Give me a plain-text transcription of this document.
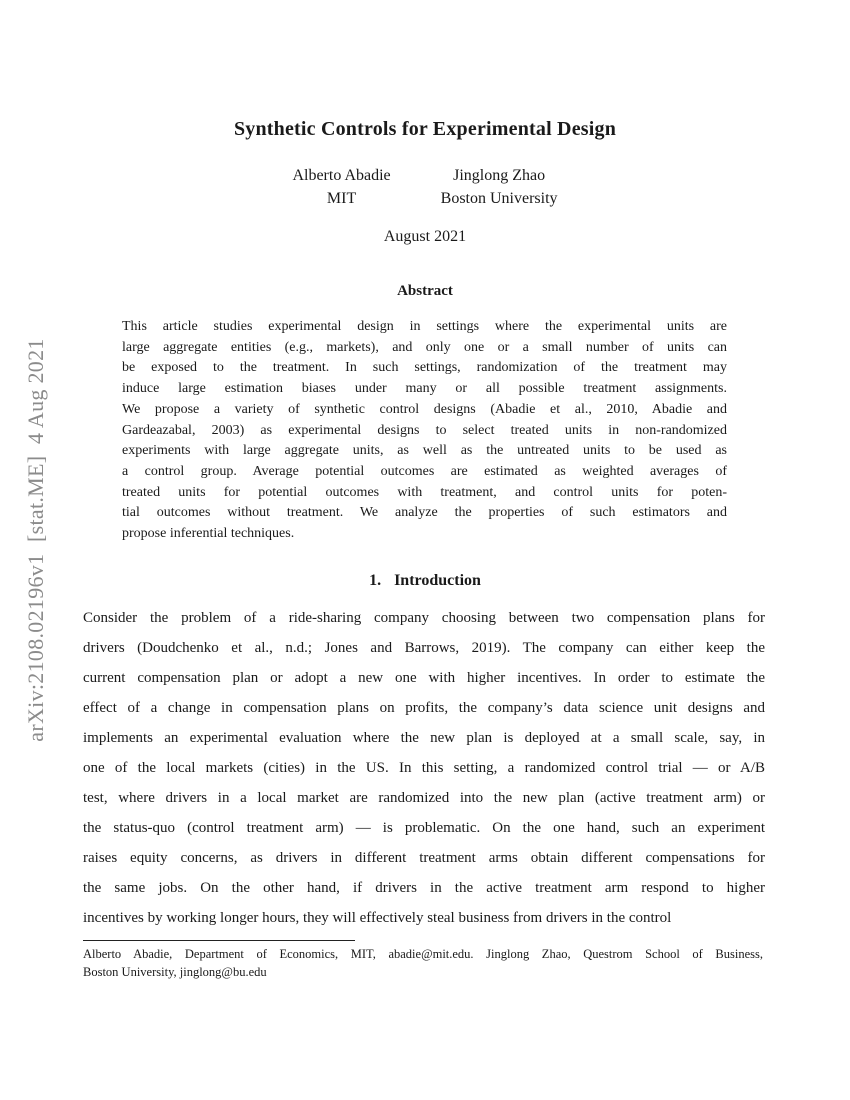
arXiv:2108.02196v1  [stat.ME]  4 Aug 2021
Synthetic Controls for Experimental Design
Alberto Abadie
MIT
Jinglong Zhao
Boston University
August 2021
Abstract
This article studies experimental design in settings where the experimental units are
large aggregate entities (e.g., markets), and only one or a small number of units can
be exposed to the treatment. In such settings, randomization of the treatment may
induce large estimation biases under many or all possible treatment assignments.
We propose a variety of synthetic control designs (Abadie et al., 2010, Abadie and
Gardeazabal, 2003) as experimental designs to select treated units in non-randomized
experiments with large aggregate units, as well as the untreated units to be used as
a control group. Average potential outcomes are estimated as weighted averages of
treated units for potential outcomes with treatment, and control units for poten-
tial outcomes without treatment. We analyze the properties of such estimators and
propose inferential techniques.
1. Introduction
Consider the problem of a ride-sharing company choosing between two compensation plans for
drivers (Doudchenko et al., n.d.; Jones and Barrows, 2019). The company can either keep the
current compensation plan or adopt a new one with higher incentives. In order to estimate the
effect of a change in compensation plans on profits, the company’s data science unit designs and
implements an experimental evaluation where the new plan is deployed at a small scale, say, in
one of the local markets (cities) in the US. In this setting, a randomized control trial — or A/B
test, where drivers in a local market are randomized into the new plan (active treatment arm) or
the status-quo (control treatment arm) — is problematic. On the one hand, such an experiment
raises equity concerns, as drivers in different treatment arms obtain different compensations for
the same jobs. On the other hand, if drivers in the active treatment arm respond to higher
incentives by working longer hours, they will effectively steal business from drivers in the control
Alberto Abadie, Department of Economics, MIT, abadie@mit.edu. Jinglong Zhao, Questrom School of Business,
Boston University, jinglong@bu.edu
